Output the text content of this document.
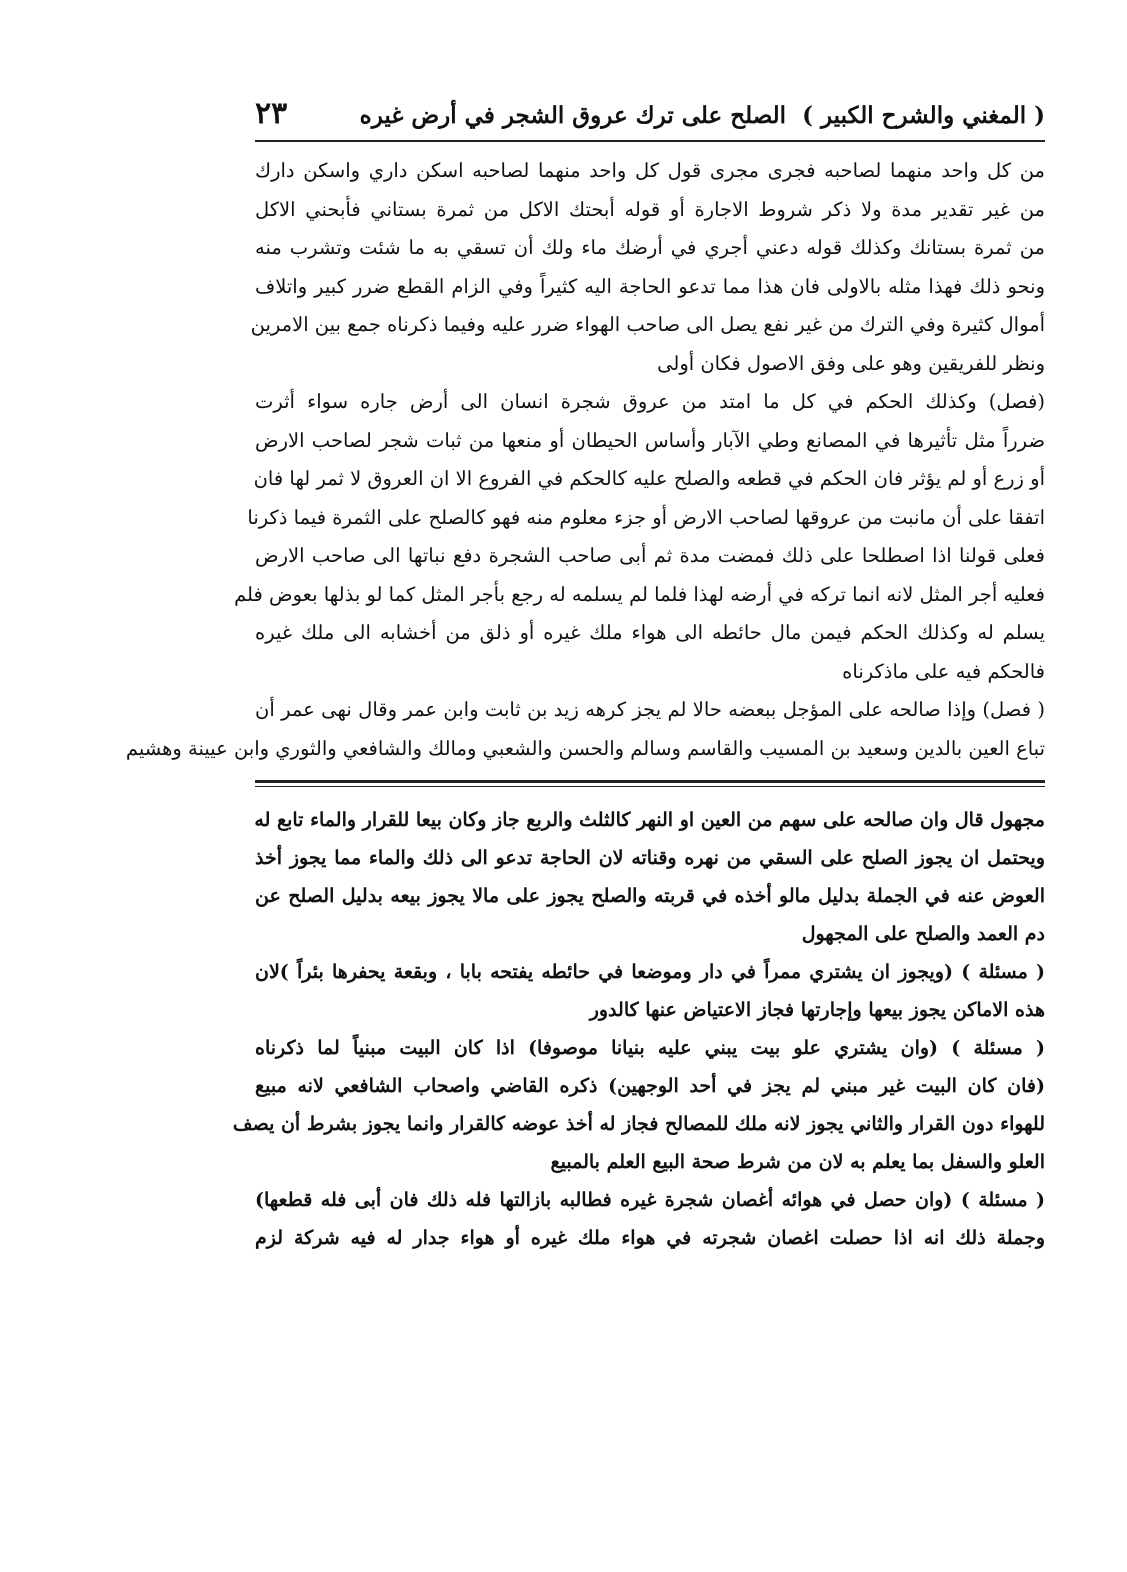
( المغني والشرح الكبير )
الصلح على ترك عروق الشجر في أرض غيره
٢٣
من كل واحد منهما لصاحبه فجرى مجرى قول كل واحد منهما لصاحبه اسكن داري واسكن دارك
من غير تقدير مدة ولا ذكر شروط الاجارة أو قوله أبحتك الاكل من ثمرة بستاني فأبحني الاكل
من ثمرة بستانك وكذلك قوله دعني أجري في أرضك ماء ولك أن تسقي به ما شئت وتشرب منه
ونحو ذلك فهذا مثله بالاولى فان هذا مما تدعو الحاجة اليه كثيراً وفي الزام القطع ضرر كبير واتلاف
أموال كثيرة وفي الترك من غير نفع يصل الى صاحب الهواء ضرر عليه وفيما ذكرناه جمع بين الامرين
ونظر للفريقين وهو على وفق الاصول فكان أولى
(فصل) وكذلك الحكم في كل ما امتد من عروق شجرة انسان الى أرض جاره سواء أثرت
ضرراً مثل تأثيرها في المصانع وطي الآبار وأساس الحيطان أو منعها من ثبات شجر لصاحب الارض
أو زرع أو لم يؤثر فان الحكم في قطعه والصلح عليه كالحكم في الفروع الا ان العروق لا ثمر لها فان
اتفقا على أن مانبت من عروقها لصاحب الارض أو جزء معلوم منه فهو كالصلح على الثمرة فيما ذكرنا
فعلى قولنا اذا اصطلحا على ذلك فمضت مدة ثم أبى صاحب الشجرة دفع نباتها الى صاحب الارض
فعليه أجر المثل لانه انما تركه في أرضه لهذا فلما لم يسلمه له رجع بأجر المثل كما لو بذلها بعوض فلم
يسلم له وكذلك الحكم فيمن مال حائطه الى هواء ملك غيره أو ذلق من أخشابه الى ملك غيره
فالحكم فيه على ماذكرناه
( فصل) وإذا صالحه على المؤجل ببعضه حالا لم يجز كرهه زيد بن ثابت وابن عمر وقال نهى عمر أن
تباع العين بالدين وسعيد بن المسيب والقاسم وسالم والحسن والشعبي ومالك والشافعي والثوري وابن عيينة وهشيم
مجهول قال وان صالحه على سهم من العين او النهر كالثلث والربع جاز وكان بيعا للقرار والماء تابع له
ويحتمل ان يجوز الصلح على السقي من نهره وقناته لان الحاجة تدعو الى ذلك والماء مما يجوز أخذ
العوض عنه في الجملة بدليل مالو أخذه في قربته والصلح يجوز على مالا يجوز بيعه بدليل الصلح عن
دم العمد والصلح على المجهول
( مسئلة ) (ويجوز ان يشتري ممراً في دار وموضعا في حائطه يفتحه بابا ، وبقعة يحفرها بئراً )لان
هذه الاماكن يجوز بيعها وإجارتها فجاز الاعتياض عنها كالدور
( مسئلة ) (وان يشتري علو بيت يبني عليه بنيانا موصوفا) اذا كان البيت مبنياً لما ذكرناه
(فان كان البيت غير مبني لم يجز في أحد الوجهين) ذكره القاضي واصحاب الشافعي لانه مبيع
للهواء دون القرار والثاني يجوز لانه ملك للمصالح فجاز له أخذ عوضه كالقرار وانما يجوز بشرط أن يصف
العلو والسفل بما يعلم به لان من شرط صحة البيع العلم بالمبيع
( مسئلة ) (وان حصل في هوائه أغصان شجرة غيره فطالبه بازالتها فله ذلك فان أبى فله قطعها)
وجملة ذلك انه اذا حصلت اغصان شجرته في هواء ملك غيره أو هواء جدار له فيه شركة لزم
